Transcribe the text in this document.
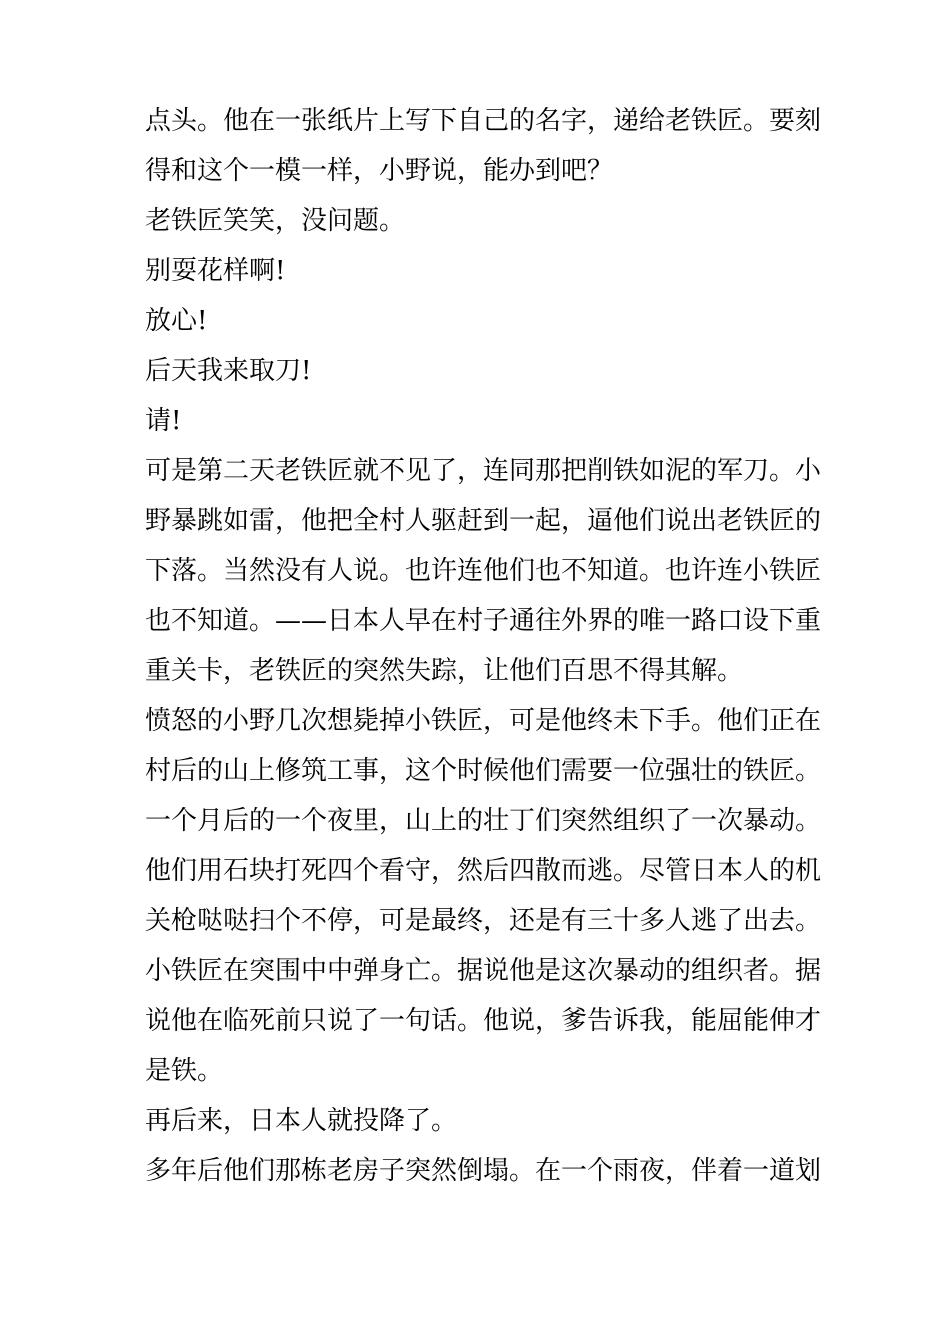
点头。他在一张纸片上写下自己的名字，递给老铁匠。要刻

得和这个一模一样，小野说，能办到吧？

老铁匠笑笑，没问题。

别耍花样啊!

放心!

后天我来取刀!

请!

可是第二天老铁匠就不见了，连同那把削铁如泥的军刀。小

野暴跳如雷，他把全村人驱赶到一起，逼他们说出老铁匠的

下落。当然没有人说。也许连他们也不知道。也许连小铁匠

也不知道。——日本人早在村子通往外界的唯一路口设下重

重关卡，老铁匠的突然失踪，让他们百思不得其解。

愤怒的小野几次想毙掉小铁匠，可是他终未下手。他们正在

村后的山上修筑工事，这个时候他们需要一位强壮的铁匠。

一个月后的一个夜里，山上的壮丁们突然组织了一次暴动。

他们用石块打死四个看守，然后四散而逃。尽管日本人的机

关枪哒哒扫个不停，可是最终，还是有三十多人逃了出去。

小铁匠在突围中中弹身亡。据说他是这次暴动的组织者。据

说他在临死前只说了一句话。他说，爹告诉我，能屈能伸才

是铁。

再后来，日本人就投降了。

多年后他们那栋老房子突然倒塌。在一个雨夜，伴着一道划
